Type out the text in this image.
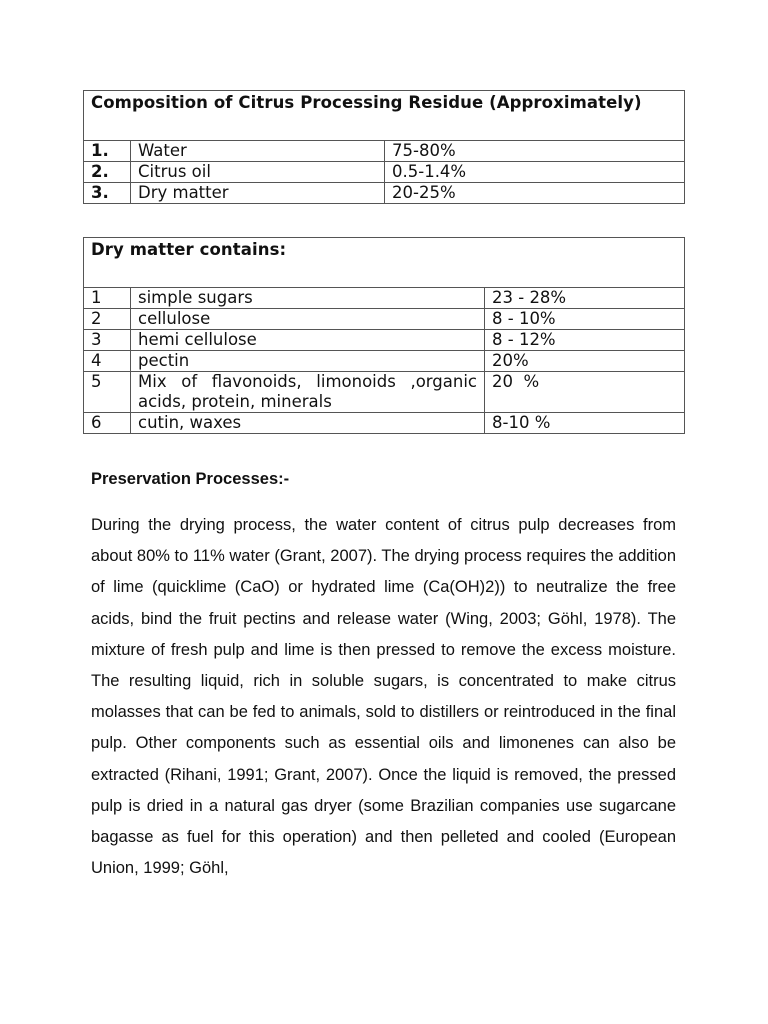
Composition of Citrus Processing Residue (Approximately)		
1.	Water	75-80%
2.	Citrus oil	0.5-1.4%
3.	Dry matter	20-25%
Dry matter contains:		
1	simple sugars	23 - 28%
2	cellulose	8 - 10%
3	hemi cellulose	8 - 12%
4	pectin	20%
5	Mix of flavonoids, limonoids ,organic
acids, protein, minerals	20  %
6	cutin, waxes	8-10 %
Preservation Processes:-

During the drying process, the water content of citrus pulp decreases from about 80% to 11% water (Grant, 2007). The drying process requires the addition of lime (quicklime (CaO) or hydrated lime (Ca(OH)2)) to neutralize the free acids, bind the fruit pectins and release water (Wing, 2003; Göhl, 1978). The mixture of fresh pulp and lime is then pressed to remove the excess moisture. The resulting liquid, rich in soluble sugars, is concentrated to make citrus molasses that can be fed to animals, sold to distillers or reintroduced in the final pulp. Other components such as essential oils and limonenes can also be extracted (Rihani, 1991; Grant, 2007). Once the liquid is removed, the pressed pulp is dried in a natural gas dryer (some Brazilian companies use sugarcane bagasse as fuel for this operation) and then pelleted and cooled (European Union, 1999; Göhl,
